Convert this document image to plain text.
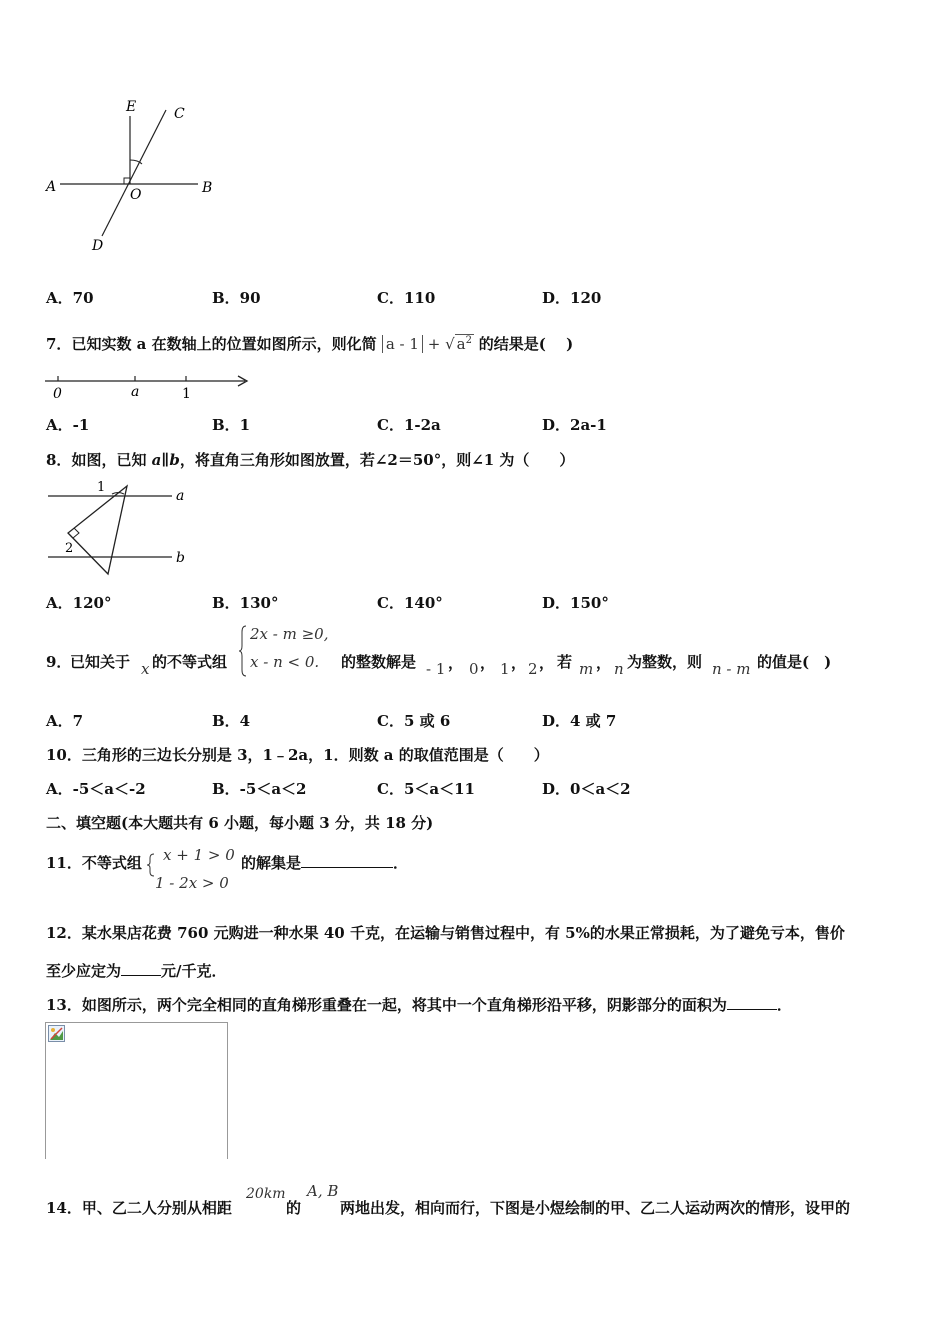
E	C
A	O	B
D
A．70	B．90	C．110	D．120
7．已知实数 a 在数轴上的位置如图所示，则化简 a - 1 + √ $a^2$ 的结果是(　 )
0	a	1
A．-1	B．1	C．1-2a	D．2a-1
8．如图，已知 a∥b，将直角三角形如图放置，若∠2＝50°，则∠1 为（　　）
1
2
a
b
A．120°	B．130°	C．140°	D．150°
9．
已知关于 x 的不等式组
2x - m ≥0,
x - n < 0. 的整数解是 - 1 ， 0 ， 1 ， 2 ， 若 m ， n 为整数，则 n - m 的值是(　)
A．7	B．4	C．5 或 6	D．4 或 7
10．三角形的三边长分别是 3，1﹣2a，1．则数 a 的取值范围是（　　）
A．-5＜a＜-2	B．-5＜a＜2	C．5＜a＜11	D．0＜a＜2
二、填空题(本大题共有 6 小题，每小题 3 分，共 18 分)
11．不等式组 x + 1 > 0
1 - 2x > 0
的解集是	．
12．某水果店花费 760 元购进一种水果 40 千克，在运输与销售过程中，有 5%的水果正常损耗，为了避免亏本，售价
至少应定为	元/千克．
13．如图所示，两个完全相同的直角梯形重叠在一起，将其中一个直角梯形沿平移，阴影部分的面积为	．
14．甲、乙二人分别从相距
20km
的
A, B
两地出发，相向而行，下图是小煜绘制的甲、乙二人运动两次的情形，设甲的
